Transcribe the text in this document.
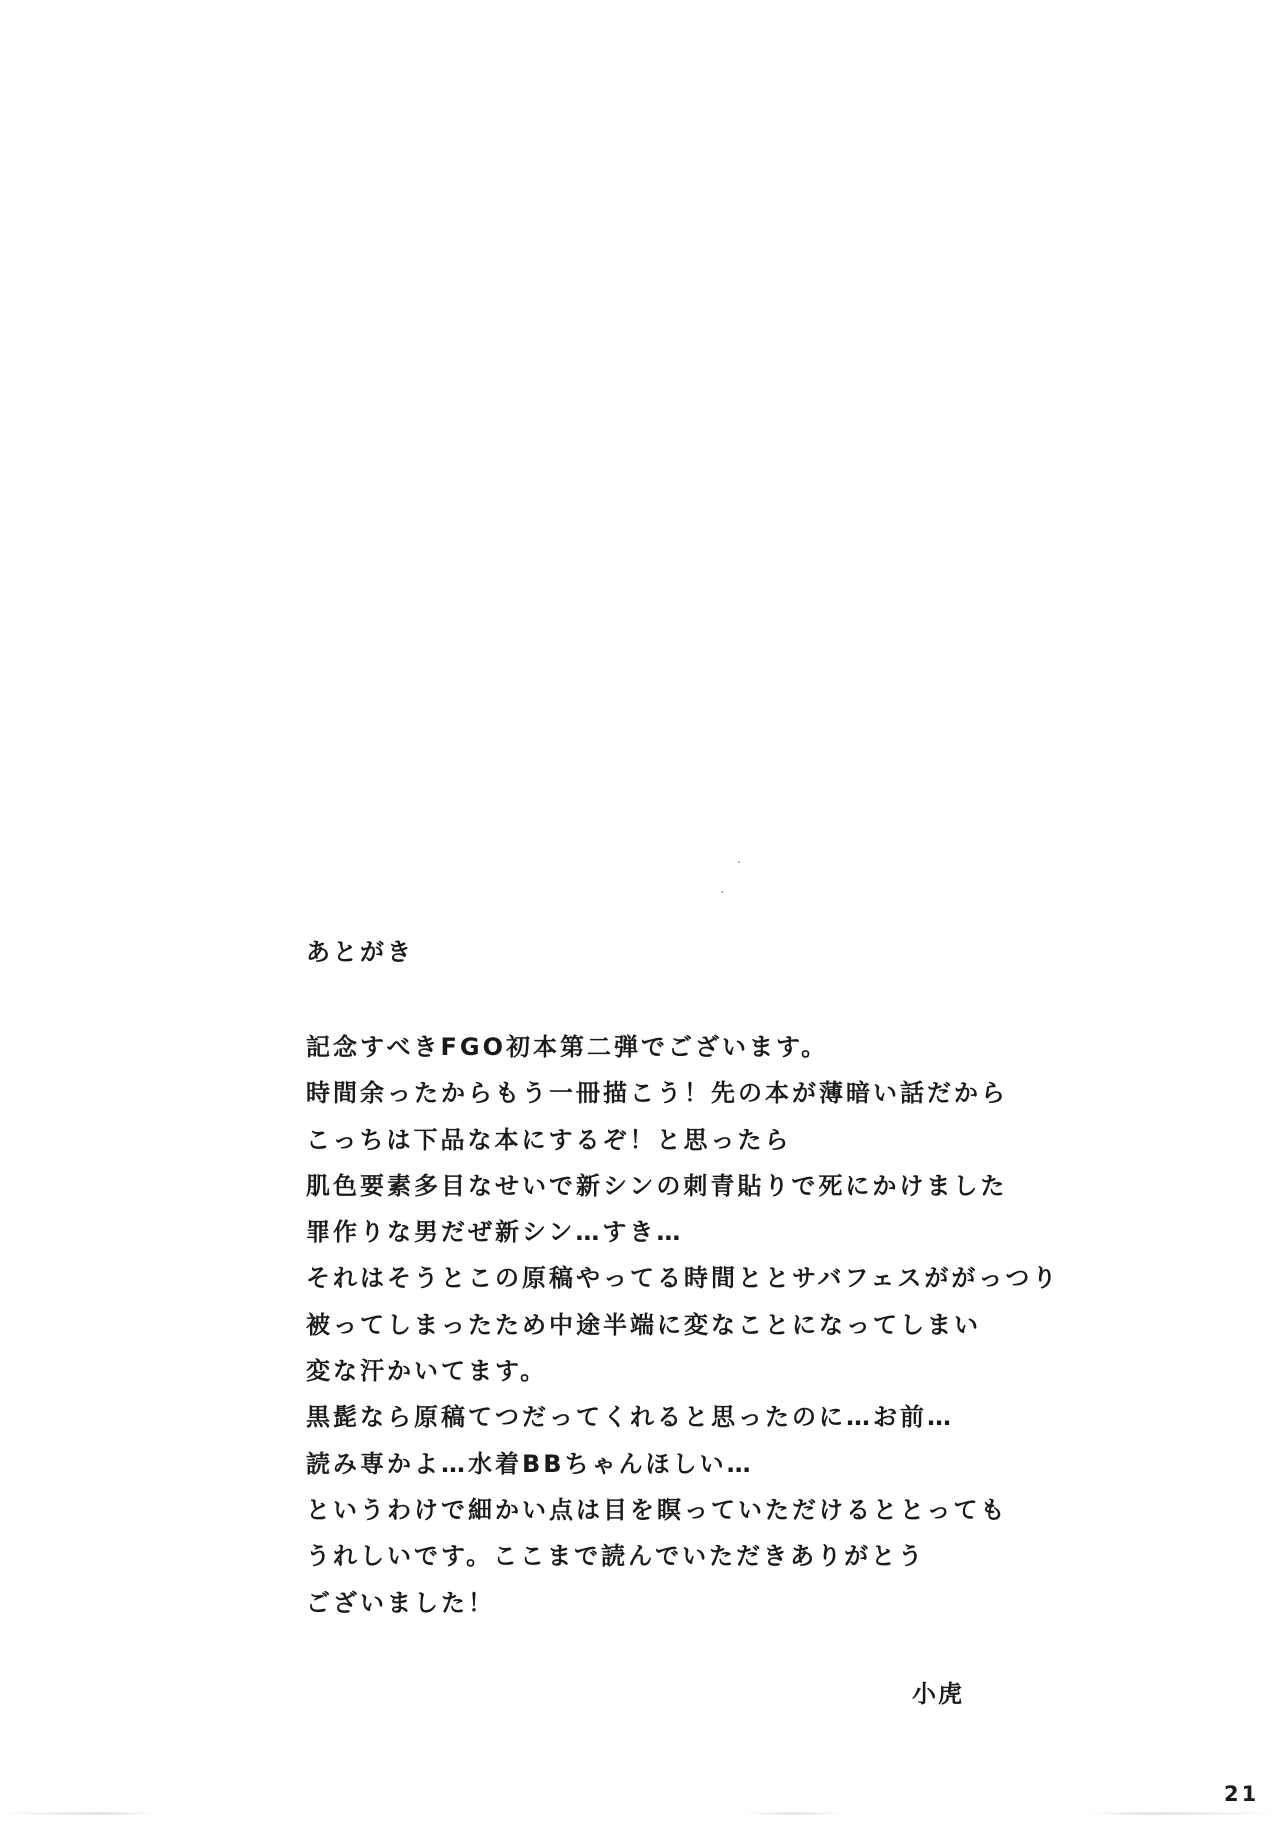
あとがき
記念すべきFGO初本第二弾でございます。
時間余ったからもう一冊描こう！先の本が薄暗い話だから
こっちは下品な本にするぞ！と思ったら
肌色要素多目なせいで新シンの刺青貼りで死にかけました
罪作りな男だぜ新シン…すき…
それはそうとこの原稿やってる時間ととサバフェスががっつり
被ってしまったため中途半端に変なことになってしまい
変な汗かいてます。
黒髭なら原稿てつだってくれると思ったのに…お前…
読み専かよ…水着BBちゃんほしい…
というわけで細かい点は目を瞑っていただけるととっても
うれしいです。ここまで読んでいただきありがとう
ございました！
小虎
21
